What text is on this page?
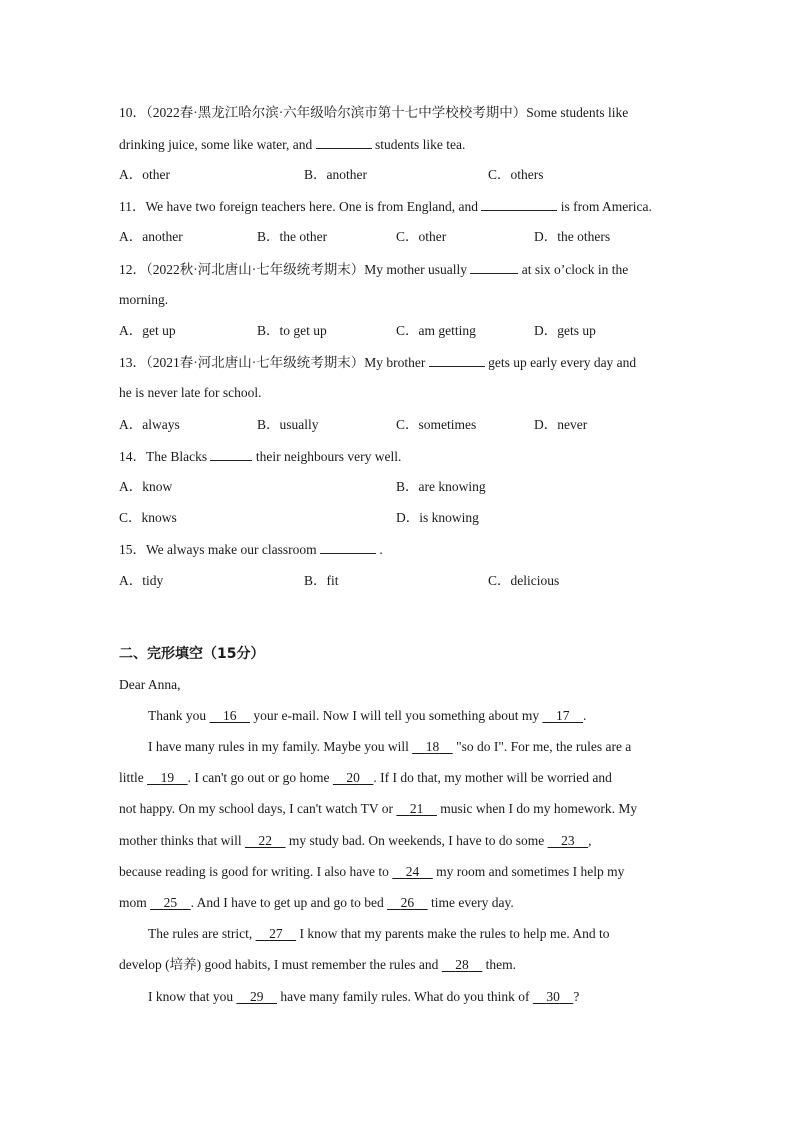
10．（2022春·黑龙江哈尔滨·六年级哈尔滨市第十七中学校校考期中）Some students like
drinking juice, some like water, and	students like tea.
A．other	B．another	C．others
11．We have two foreign teachers here. One is from England, and	is from America.
A．another	B．the other	C．other	D．the others
12．（2022秋·河北唐山·七年级统考期末）My mother usually	at six o’clock in the
morning.
A．get up	B．to get up	C．am getting	D．gets up
13．（2021春·河北唐山·七年级统考期末）My brother	gets up early every day and
he is never late for school.
A．always	B．usually	C．sometimes	D．never
14．The Blacks	their neighbours very well.
A．know	B．are knowing
C．knows	D．is knowing
15．We always make our classroom	.
A．tidy	B．fit	C．delicious
二、完形填空（15分）
Dear Anna,
Thank you     16     your e-mail. Now I will tell you something about my     17 .
I have many rules in my family. Maybe you will     18     "so do I". For me, the rules are a
little     19 . I can't go out or go home     20 . If I do that, my mother will be worried and
not happy. On my school days, I can't watch TV or     21     music when I do my homework. My
mother thinks that will     22     my study bad. On weekends, I have to do some     23 ,
because reading is good for writing. I also have to     24     my room and sometimes I help my
mom     25 . And I have to get up and go to bed     26     time every day.
The rules are strict,     27     I know that my parents make the rules to help me. And to
develop (培养) good habits, I must remember the rules and     28     them.
I know that you     29     have many family rules. What do you think of     30 ?
